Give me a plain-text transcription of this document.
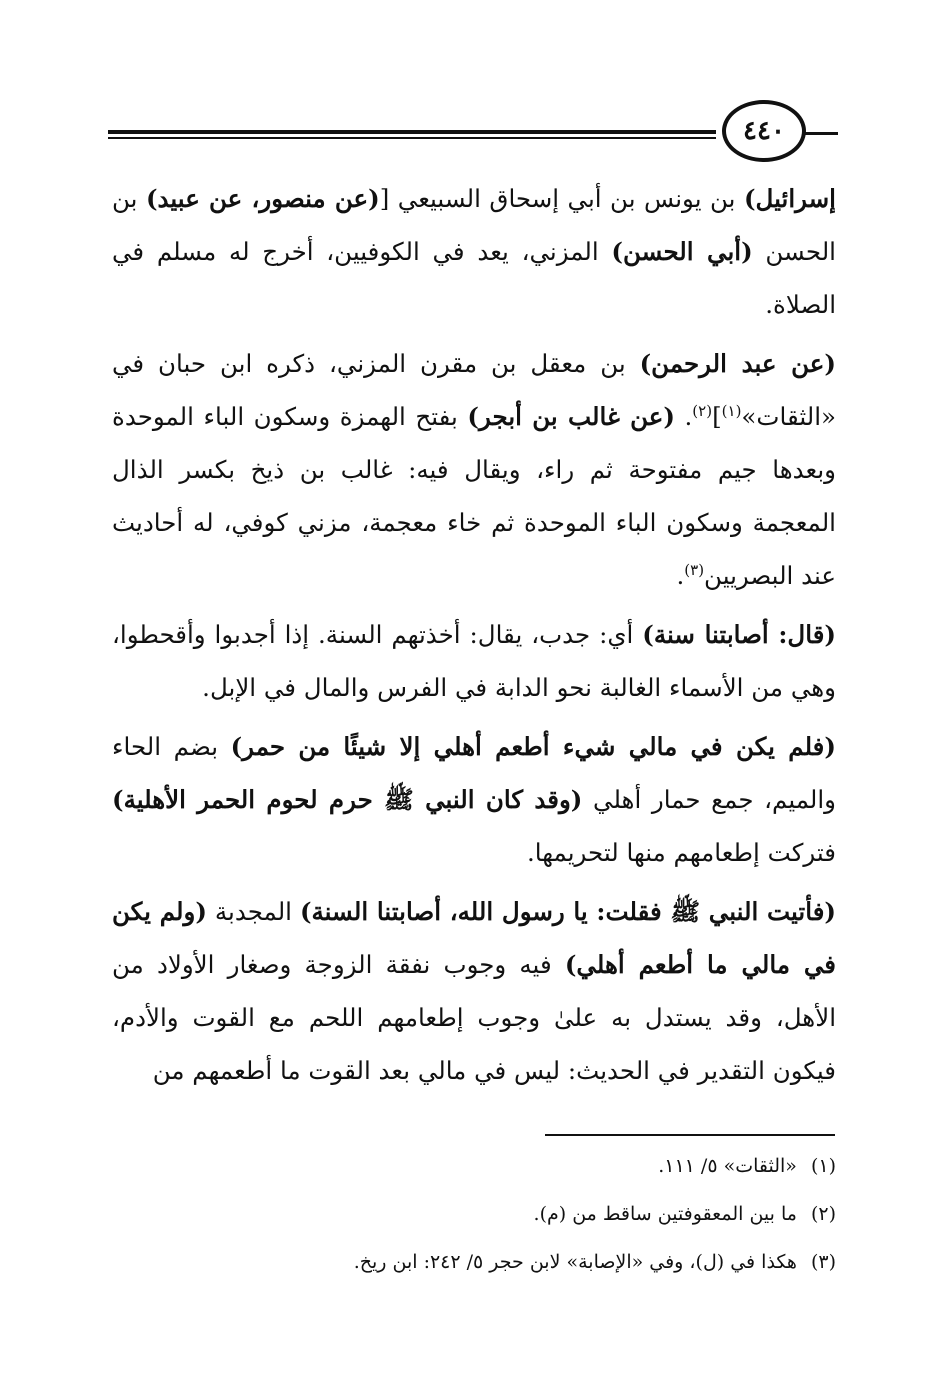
٤٤٠

إسرائيل) بن يونس بن أبي إسحاق السبيعي [(عن منصور، عن عبيد) بن الحسن (أبي الحسن) المزني، يعد في الكوفيين، أخرج له مسلم في الصلاة.

(عن عبد الرحمن) بن معقل بن مقرن المزني، ذكره ابن حبان في «الثقات»$^{(١)}$]$^{(٢)}$. (عن غالب بن أبجر) بفتح الهمزة وسكون الباء الموحدة وبعدها جيم مفتوحة ثم راء، ويقال فيه: غالب بن ذيخ بكسر الذال المعجمة وسكون الباء الموحدة ثم خاء معجمة، مزني كوفي، له أحاديث عند البصريين$^{(٣)}$.

(قال: أصابتنا سنة) أي: جدب، يقال: أخذتهم السنة. إذا أجدبوا وأقحطوا، وهي من الأسماء الغالبة نحو الدابة في الفرس والمال في الإبل.

(فلم يكن في مالي شيء أطعم أهلي إلا شيئًا من حمر) بضم الحاء والميم، جمع حمار أهلي (وقد كان النبي ﷺ حرم لحوم الحمر الأهلية) فتركت إطعامهم منها لتحريمها.

(فأتيت النبي ﷺ فقلت: يا رسول الله، أصابتنا السنة) المجدبة (ولم يكن في مالي ما أطعم أهلي) فيه وجوب نفقة الزوجة وصغار الأولاد من الأهل، وقد يستدل به علىٰ وجوب إطعامهم اللحم مع القوت والأدم، فيكون التقدير في الحديث: ليس في مالي بعد القوت ما أطعمهم من

(١)«الثقات» ٥/ ١١١.

(٢)ما بين المعقوفتين ساقط من (م).

(٣)هكذا في (ل)، وفي «الإصابة» لابن حجر ٥/ ٢٤٢: ابن ريخ.
